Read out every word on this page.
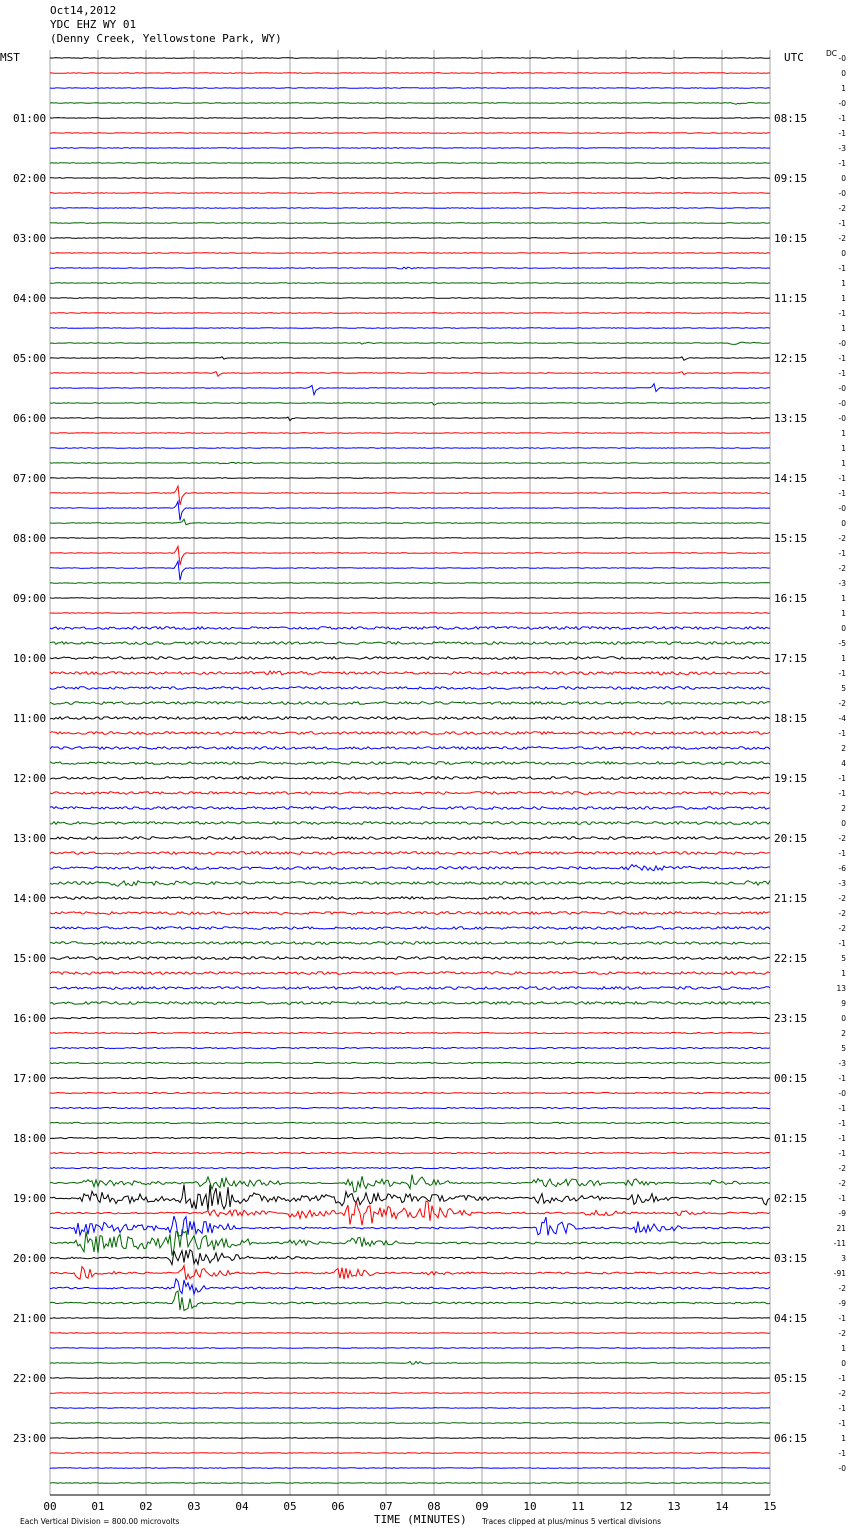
Oct14,2012
YDC EHZ WY 01
(Denny Creek, Yellowstone Park, WY)
01:00
02:00
03:00
04:00
05:00
06:00
07:00
08:00
09:00
10:00
11:00
12:00
13:00
14:00
15:00
16:00
17:00
18:00
19:00
20:00
21:00
22:00
23:00
08:15
09:15
10:15
11:15
12:15
13:15
14:15
15:15
16:15
17:15
18:15
19:15
20:15
21:15
22:15
23:15
00:15
01:15
02:15
03:15
04:15
05:15
06:15
-0
0
1
-0
-1
-1
-3
-1
0
-0
-2
-1
-2
0
-1
1
1
-1
1
-0
-1
-1
-0
-0
-0
1
1
1
-1
-1
-0
0
-2
-1
-2
-3
1
1
0
-5
1
-1
5
-2
-4
-1
2
4
-1
-1
2
0
-2
-1
-6
-3
-2
-2
-2
-1
5
1
13
9
0
2
5
-3
-1
-0
-1
-1
-1
-1
-2
-2
-1
-9
21
-11
3
-91
-2
-9
-1
-2
1
0
-1
-2
-1
-1
1
-1
-0
00	01	02	03	04	05	06	07	08	09	10	11	12	13	14	15
MST	UTC	DC
Each Vertical Division = 800.00 microvolts	TIME (MINUTES) Traces clipped at plus/minus 5 vertical divisions
